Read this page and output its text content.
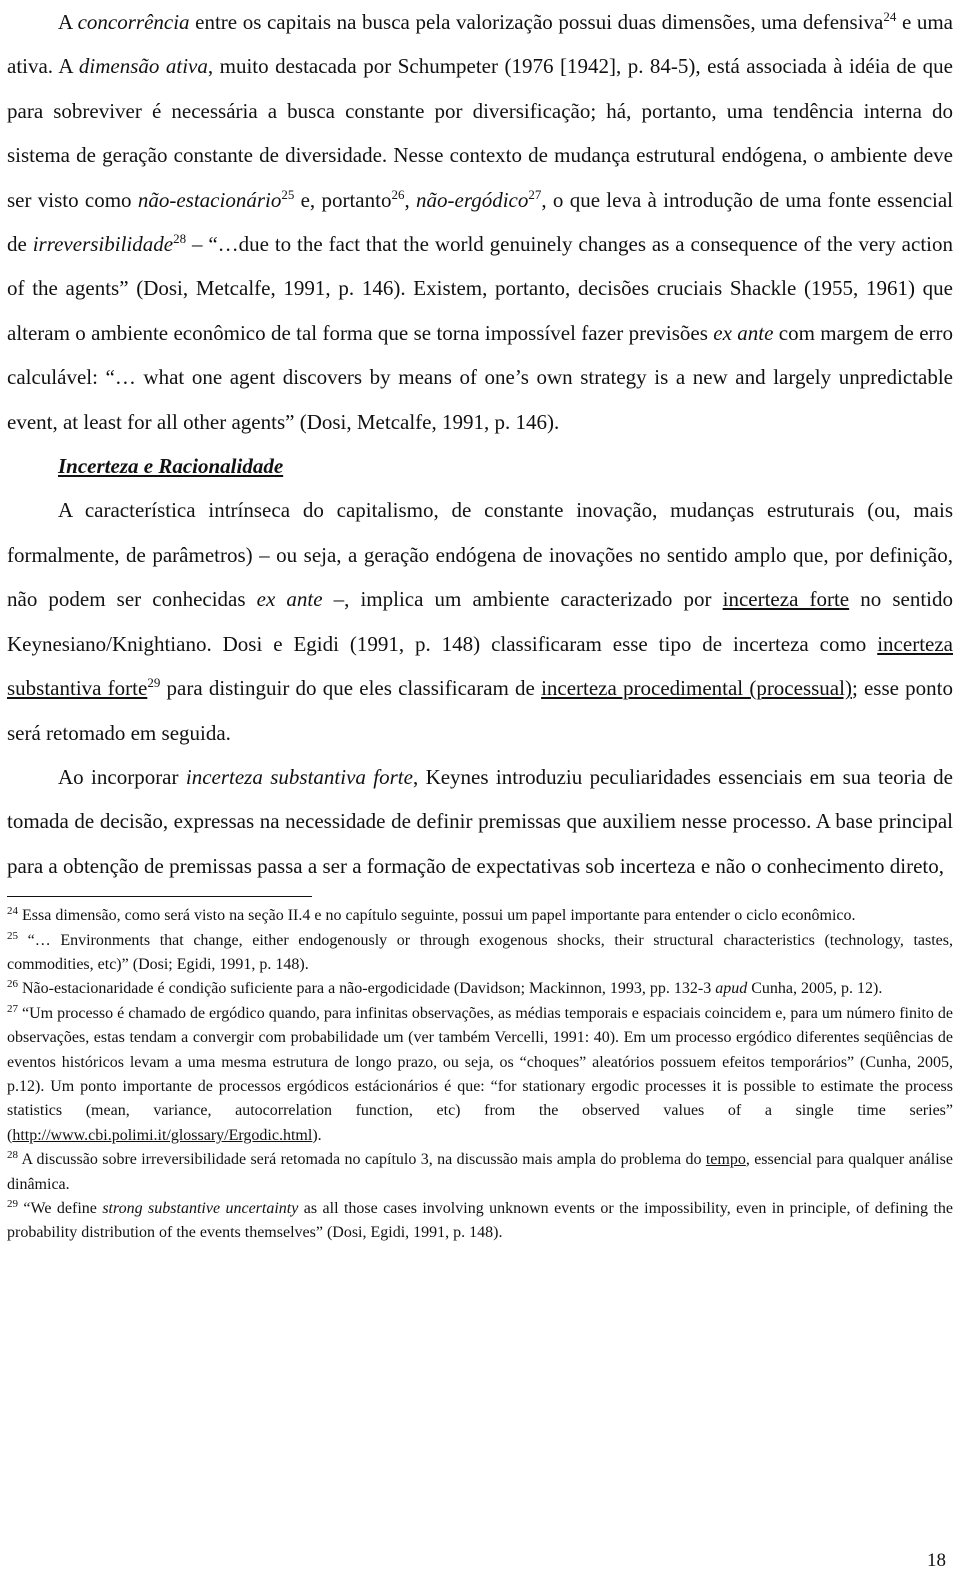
A concorrência entre os capitais na busca pela valorização possui duas dimensões, uma defensiva$^{24}$ e uma ativa. A dimensão ativa, muito destacada por Schumpeter (1976 [1942], p. 84-5), está associada à idéia de que para sobreviver é necessária a busca constante por diversificação; há, portanto, uma tendência interna do sistema de geração constante de diversidade. Nesse contexto de mudança estrutural endógena, o ambiente deve ser visto como não-estacionário$^{25}$ e, portanto$^{26}$, não-ergódico$^{27}$, o que leva à introdução de uma fonte essencial de irreversibilidade$^{28}$ – “…due to the fact that the world genuinely changes as a consequence of the very action of the agents” (Dosi, Metcalfe, 1991, p. 146). Existem, portanto, decisões cruciais Shackle (1955, 1961) que alteram o ambiente econômico de tal forma que se torna impossível fazer previsões ex ante com margem de erro calculável: “… what one agent discovers by means of one’s own strategy is a new and largely unpredictable event, at least for all other agents” (Dosi, Metcalfe, 1991, p. 146).

Incerteza e Racionalidade

A característica intrínseca do capitalismo, de constante inovação, mudanças estruturais (ou, mais formalmente, de parâmetros) – ou seja, a geração endógena de inovações no sentido amplo que, por definição, não podem ser conhecidas ex ante –, implica um ambiente caracterizado por incerteza forte no sentido Keynesiano/Knightiano. Dosi e Egidi (1991, p. 148) classificaram esse tipo de incerteza como incerteza substantiva forte$^{29}$ para distinguir do que eles classificaram de incerteza procedimental (processual); esse ponto será retomado em seguida.

Ao incorporar incerteza substantiva forte, Keynes introduziu peculiaridades essenciais em sua teoria de tomada de decisão, expressas na necessidade de definir premissas que auxiliem nesse processo. A base principal para a obtenção de premissas passa a ser a formação de expectativas sob incerteza e não o conhecimento direto,

$^{24}$ Essa dimensão, como será visto na seção II.4 e no capítulo seguinte, possui um papel importante para entender o ciclo econômico.

$^{25}$ “… Environments that change, either endogenously or through exogenous shocks, their structural characteristics (technology, tastes, commodities, etc)” (Dosi; Egidi, 1991, p. 148).

$^{26}$ Não-estacionaridade é condição suficiente para a não-ergodicidade (Davidson; Mackinnon, 1993, pp. 132-3 apud Cunha, 2005, p. 12).

$^{27}$ “Um processo é chamado de ergódico quando, para infinitas observações, as médias temporais e espaciais coincidem e, para um número finito de observações, estas tendam a convergir com probabilidade um (ver também Vercelli, 1991: 40). Em um processo ergódico diferentes seqüências de eventos históricos levam a uma mesma estrutura de longo prazo, ou seja, os “choques” aleatórios possuem efeitos temporários” (Cunha, 2005, p.12). Um ponto importante de processos ergódicos estácionários é que: “for stationary ergodic processes it is possible to estimate the process statistics (mean, variance, autocorrelation function, etc) from the observed values of a single time series” (http://www.cbi.polimi.it/glossary/Ergodic.html).

$^{28}$ A discussão sobre irreversibilidade será retomada no capítulo 3, na discussão mais ampla do problema do tempo, essencial para qualquer análise dinâmica.

$^{29}$ “We define strong substantive uncertainty as all those cases involving unknown events or the impossibility, even in principle, of defining the probability distribution of the events themselves” (Dosi, Egidi, 1991, p. 148).

18
